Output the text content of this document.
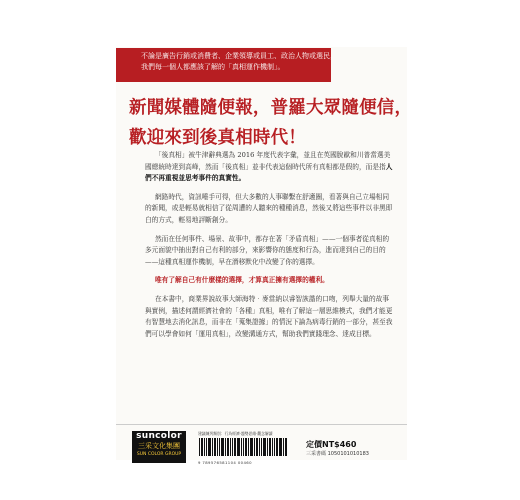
不論是廣告行銷或消費者、企業領導或員工、政治人物或選民，
我們每一個人都應該了解的「真相運作機制」。
新聞媒體隨便報，普羅大眾隨便信，
歡迎來到後真相時代！

「後真相」被牛津辭典選為 2016 年度代表字彙，並且在英國脫歐和川普當選美國總統時達到高峰，然而「後真相」並非代表這個時代所有真相都是假的，而是指人們不再重視並思考事件的真實性。

網路時代，資訊唾手可得，但大多數的人事聯繫在舒適圈，看著與自己立場相同的新聞，或是輕易就相信了從周遭的人聽來的種種消息，然後又將這些事件以非黑即白的方式，輕易地評斷創分。

然而在任何事件、場景、故事中，都存在著「矛盾真相」——一個事者從真相的多元面貌中抽出對自己有利的部分，來影響你的態度和行為，進而達到自己的目的——這種真相運作機制，早在潛移默化中改變了你的選擇。

唯有了解自己有什麼樣的選擇，才算真正擁有選擇的權利。

在本書中，商業界說故事大師海特‧麥當納以睿智詼諧的口吻，列舉大量的故事與實例，描述何謂經濟社會的「各種」真相，唯有了解這一層思維模式，我們才能更有智慧地去消化訊息，而非在「蒐集證據」的情況下論為病毒行銷的一部分，甚至我們可以學會如何「運用真相」，改變溝通方式，幫助我們實踐理念、達成目標。

suncolor
三采文化集團
SUN COLOR GROUP
建議陳列類別：行為經濟‧趨勢思維‧觀念解讀
9 789576581104 00460
定價NT$460
三采書碼 1050101010183
